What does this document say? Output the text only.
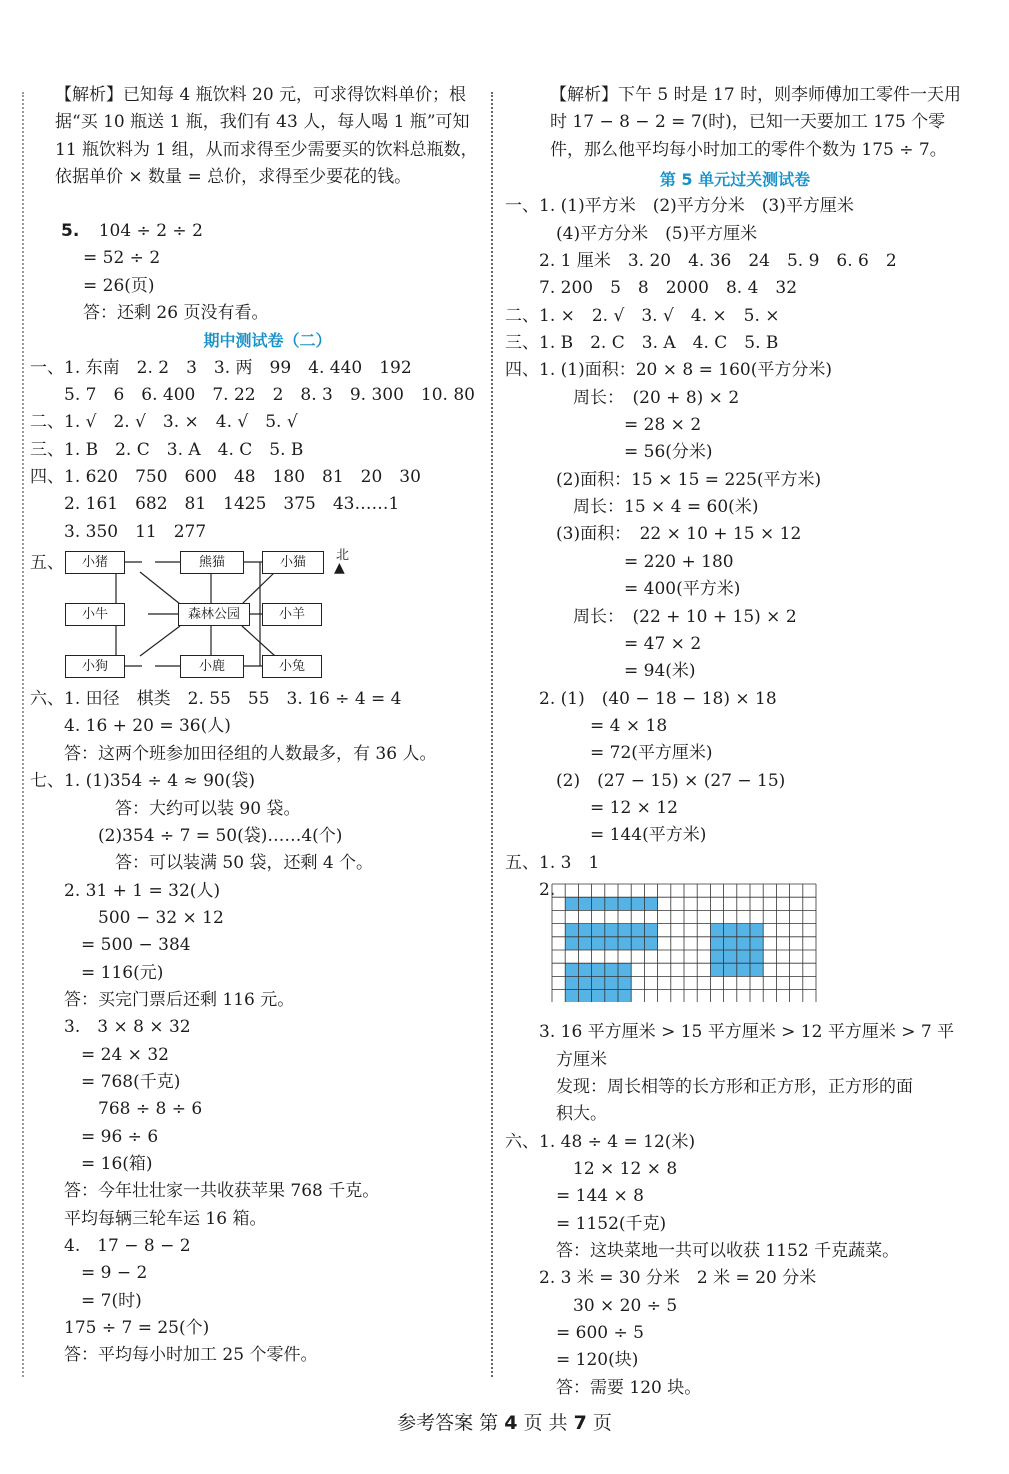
【解析】已知每 4 瓶饮料 20 元，可求得饮料单价；根据“买 10 瓶送 1 瓶，我们有 43 人，每人喝 1 瓶”可知 11 瓶饮料为 1 组，从而求得至少需要买的饮料总瓶数，依据单价 × 数量 = 总价，求得至少要花的钱。
5. 104 ÷ 2 ÷ 2
= 52 ÷ 2
= 26(页)
答：还剩 26 页没有看。
期中测试卷（二）
一、1. 东南　2. 2　3　3. 两　99　4. 440　192
　　5. 7　6　6. 400　7. 22　2　8. 3　9. 300　10. 80
二、1. √　2. √　3. ×　4. √　5. √
三、1. B　2. C　3. A　4. C　5. B
四、1. 620　750　600　48　180　81　20　30
　　2. 161　682　81　1425　375　43……1
　　3. 350　11　277
五、	小猪	熊猫	小猫
小牛	森林公园	小羊
小狗	小鹿	小兔
北
▲
六、1. 田径　棋类　2. 55　55　3. 16 ÷ 4 = 4
　　4. 16 + 20 = 36(人)
　　答：这两个班参加田径组的人数最多，有 36 人。
七、1. (1)354 ÷ 4 ≈ 90(袋)
　　　　　答：大约可以装 90 袋。
　　　　(2)354 ÷ 7 = 50(袋)……4(个)
　　　　　答：可以装满 50 袋，还剩 4 个。
　　2. 31 + 1 = 32(人)
　　　　500 − 32 × 12
　　　= 500 − 384
　　　= 116(元)
　　答：买完门票后还剩 116 元。
　　3.　3 × 8 × 32
　　　= 24 × 32
　　　= 768(千克)
　　　　768 ÷ 8 ÷ 6
　　　= 96 ÷ 6
　　　= 16(箱)
　　答：今年壮壮家一共收获苹果 768 千克。
　　平均每辆三轮车运 16 箱。
　　4.　17 − 8 − 2
　　　= 9 − 2
　　　= 7(时)
　　175 ÷ 7 = 25(个)
　　答：平均每小时加工 25 个零件。
【解析】下午 5 时是 17 时，则李师傅加工零件一天用时 17 − 8 − 2 = 7(时)，已知一天要加工 175 个零件，那么他平均每小时加工的零件个数为 175 ÷ 7。
第 5 单元过关测试卷
一、1. (1)平方米　(2)平方分米　(3)平方厘米
　　　(4)平方分米　(5)平方厘米
　　2. 1 厘米　3. 20　4. 36　24　5. 9　6. 6　2
　　7. 200　5　8　2000　8. 4　32
二、1. ×　2. √　3. √　4. ×　5. ×
三、1. B　2. C　3. A　4. C　5. B
四、1. (1)面积：20 × 8 = 160(平方分米)
　　　　周长：　(20 + 8) × 2
　　　　　　　= 28 × 2
　　　　　　　= 56(分米)
　　　(2)面积：15 × 15 = 225(平方米)
　　　　周长：15 × 4 = 60(米)
　　　(3)面积：　22 × 10 + 15 × 12
　　　　　　　= 220 + 180
　　　　　　　= 400(平方米)
　　　　周长：　(22 + 10 + 15) × 2
　　　　　　　= 47 × 2
　　　　　　　= 94(米)
　　2. (1)　(40 − 18 − 18) × 18
　　　　　= 4 × 18
　　　　　= 72(平方厘米)
　　　(2)　(27 − 15) × (27 − 15)
　　　　　= 12 × 12
　　　　　= 144(平方米)
五、1. 3　1
　　2.
　　3. 16 平方厘米 > 15 平方厘米 > 12 平方厘米 > 7 平
　　　方厘米
　　　发现：周长相等的长方形和正方形，正方形的面
　　　积大。
六、1. 48 ÷ 4 = 12(米)
　　　　12 × 12 × 8
　　　= 144 × 8
　　　= 1152(千克)
　　　答：这块菜地一共可以收获 1152 千克蔬菜。
　　2. 3 米 = 30 分米　2 米 = 20 分米
　　　　30 × 20 ÷ 5
　　　= 600 ÷ 5
　　　= 120(块)
　　　答：需要 120 块。
参考答案 第 4 页 共 7 页
